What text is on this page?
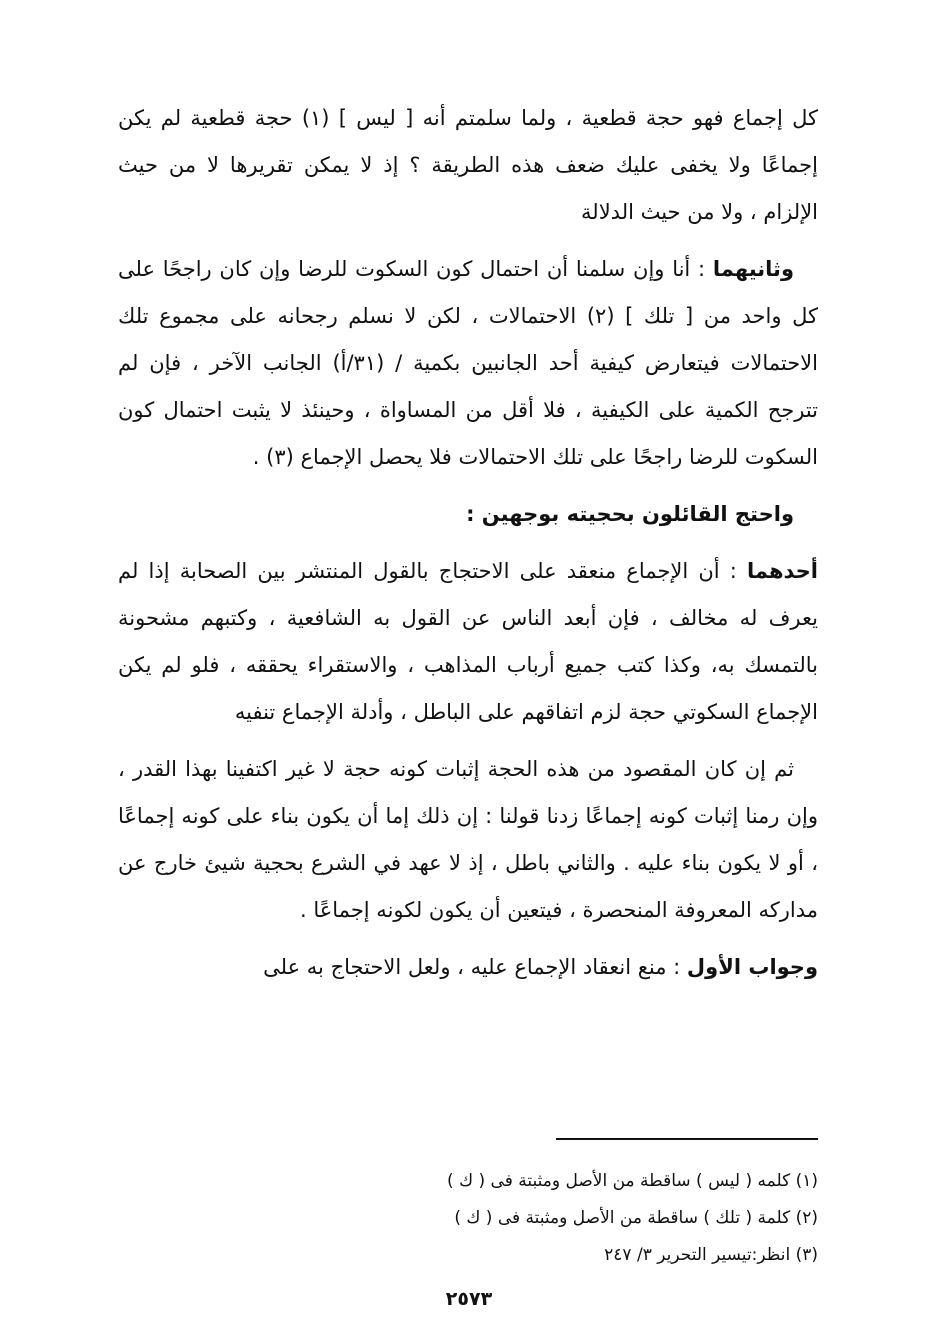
كل إجماع فهو حجة قطعية ، ولما سلمتم أنه [ ليس ] (١) حجة قطعية لم يكن إجماعًا ولا يخفى عليك ضعف هذه الطريقة ؟ إذ لا يمكن تقريرها لا من حيث الإلزام ، ولا من حيث الدلالة

وثانيهما : أنا وإن سلمنا أن احتمال كون السكوت للرضا وإن كان راجحًا على كل واحد من [ تلك ] (٢) الاحتمالات ، لكن لا نسلم رجحانه على مجموع تلك الاحتمالات فيتعارض كيفية أحد الجانبين بكمية / (٣١/أ) الجانب الآخر ، فإن لم تترجح الكمية على الكيفية ، فلا أقل من المساواة ، وحينئذ لا يثبت احتمال كون السكوت للرضا راجحًا على تلك الاحتمالات فلا يحصل الإجماع (٣) .

واحتج القائلون بحجيته بوجهين :

أحدهما : أن الإجماع منعقد على الاحتجاج بالقول المنتشر بين الصحابة إذا لم يعرف له مخالف ، فإن أبعد الناس عن القول به الشافعية ، وكتبهم مشحونة بالتمسك به، وكذا كتب جميع أرباب المذاهب ، والاستقراء يحققه ، فلو لم يكن الإجماع السكوتي حجة لزم اتفاقهم على الباطل ، وأدلة الإجماع تنفيه

ثم إن كان المقصود من هذه الحجة إثبات كونه حجة لا غير اكتفينا بهذا القدر ، وإن رمنا إثبات كونه إجماعًا زدنا قولنا : إن ذلك إما أن يكون بناء على كونه إجماعًا ، أو لا يكون بناء عليه . والثاني باطل ، إذ لا عهد في الشرع بحجية شيئ خارج عن مداركه المعروفة المنحصرة ، فيتعين أن يكون لكونه إجماعًا .

وجواب الأول : منع انعقاد الإجماع عليه ، ولعل الاحتجاج به على

(١) كلمه ( ليس ) ساقطة من الأصل ومثبتة فى ( ك )

(٢) كلمة ( تلك ) ساقطة من الأصل ومثبتة فى ( ك )

(٣) انظر:تيسير التحرير ٣/ ٢٤٧

٢٥٧٣
